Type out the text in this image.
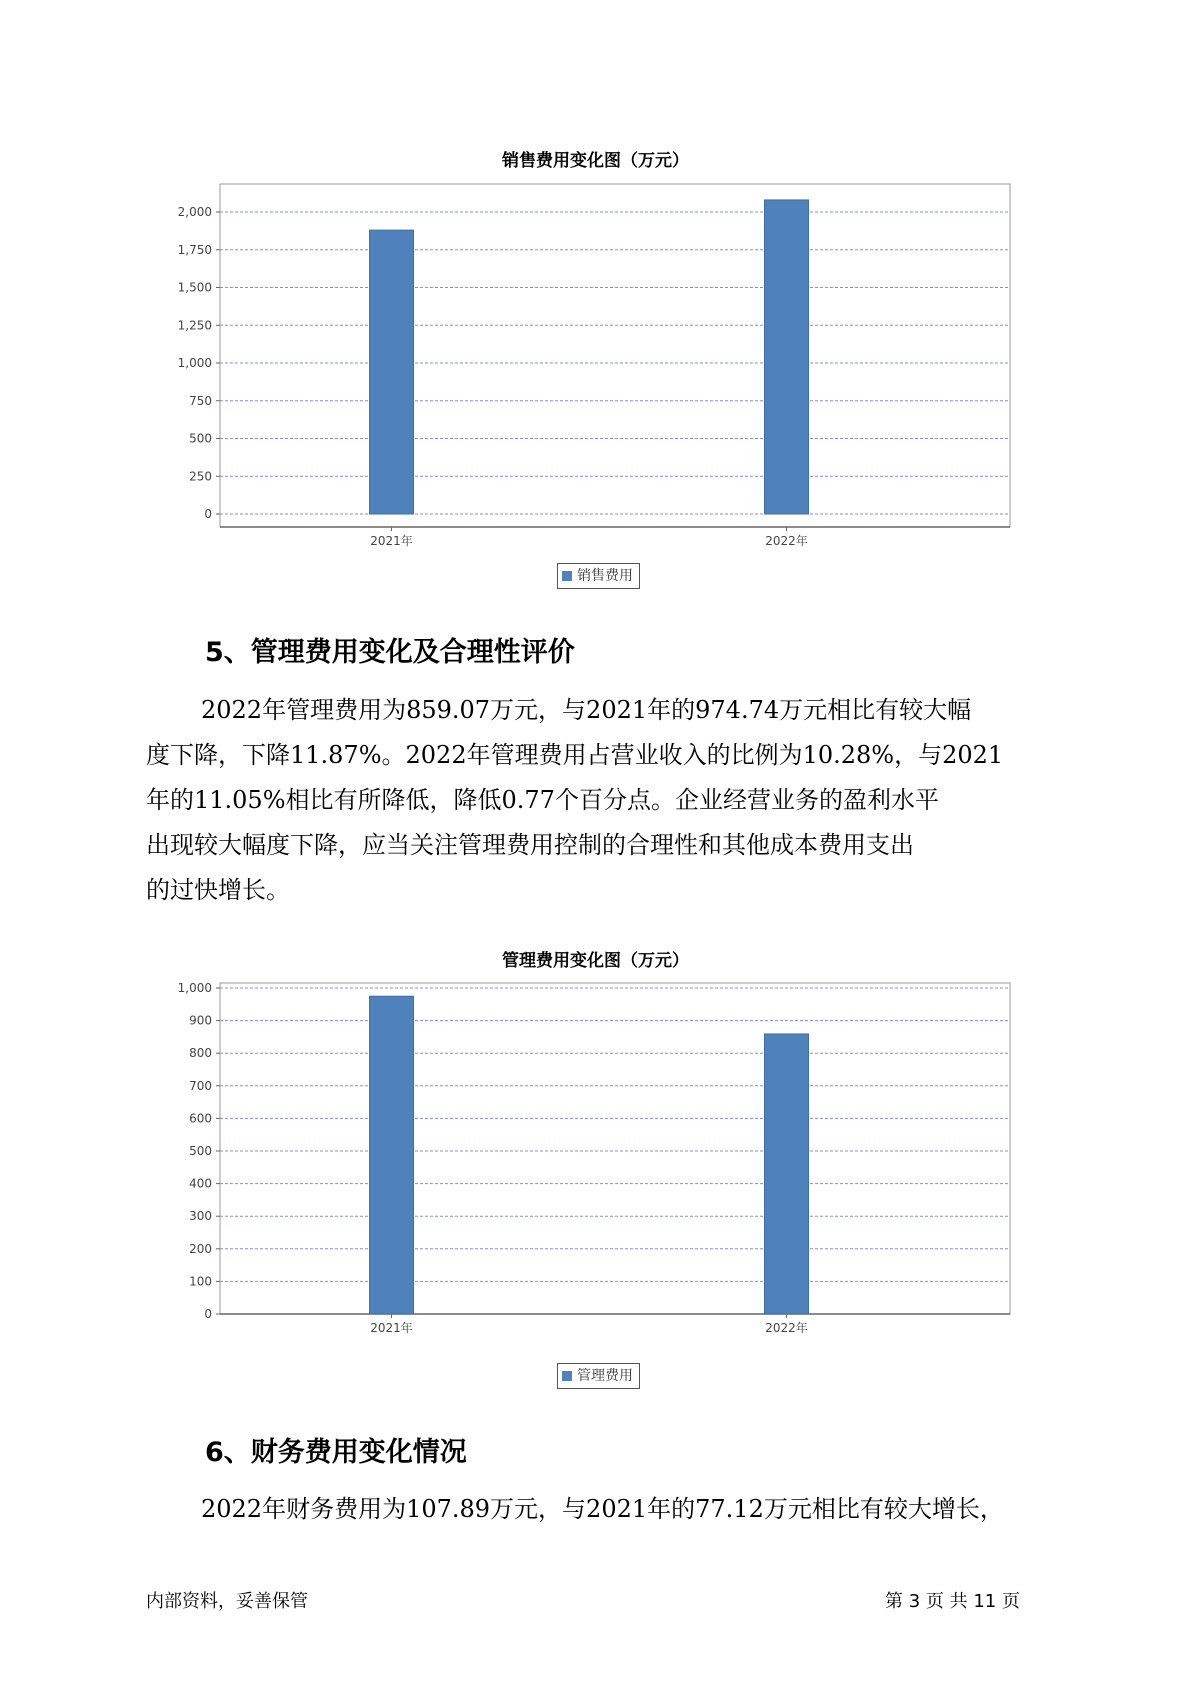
销售费用变化图（万元）
0
250
500
750
1,000
1,250
1,500
1,750
2,000
2021年	2022年
销售费用
5、管理费用变化及合理性评价
2022年管理费用为859.07万元，与2021年的974.74万元相比有较大幅
度下降，下降11.87%。2022年管理费用占营业收入的比例为10.28%，与2021
年的11.05%相比有所降低，降低0.77个百分点。企业经营业务的盈利水平
出现较大幅度下降，应当关注管理费用控制的合理性和其他成本费用支出
的过快增长。
管理费用变化图（万元）
0
100
200
300
400
500
600
700
800
900
1,000
2021年	2022年
管理费用
6、财务费用变化情况
2022年财务费用为107.89万元，与2021年的77.12万元相比有较大增长，
内部资料，妥善保管	第 3 页 共 11 页
